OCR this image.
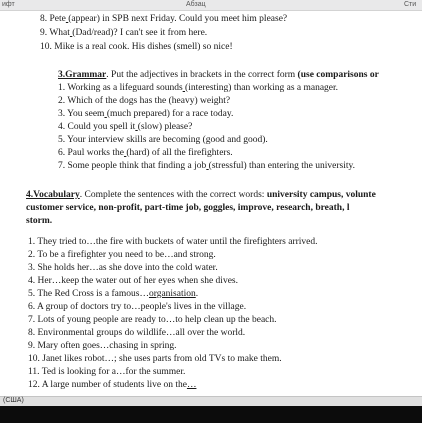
ифт	Абзац	Сти
8. Pete (appear) in SPB next Friday. Could you meet him please?
9. What (Dad/read)? I can't see it from here.
10. Mike is a real cook. His dishes (smell) so nice!
3.Grammar. Put the adjectives in brackets in the correct form (use comparisons or
1. Working as a lifeguard sounds (interesting) than working as a manager.
2. Which of the dogs has the (heavy) weight?
3. You seem (much prepared) for a race today.
4. Could you spell it (slow) please?
5. Your interview skills are becoming (good and good).
6. Paul works the (hard) of all the firefighters.
7. Some people think that finding a job (stressful) than entering the university.
4.Vocabulary. Complete the sentences with the correct words: university campus, volunte
customer service, non-profit, part-time job, goggles, improve, research, breath, l
storm.
1. They tried to…the fire with buckets of water until the firefighters arrived.
2. To be a firefighter you need to be…and strong.
3. She holds her…as she dove into the cold water.
4. Her…keep the water out of her eyes when she dives.
5. The Red Cross is a famous…organisation.
6. A group of doctors try to…people's lives in the village.
7. Lots of young people are ready to…to help clean up the beach.
8. Environmental groups do wildlife…all over the world.
9. Mary often goes…chasing in spring.
10. Janet likes robot…; she uses parts from old TVs to make them.
11. Ted is looking for a…for the summer.
12. A large number of students live on the…
(США)
